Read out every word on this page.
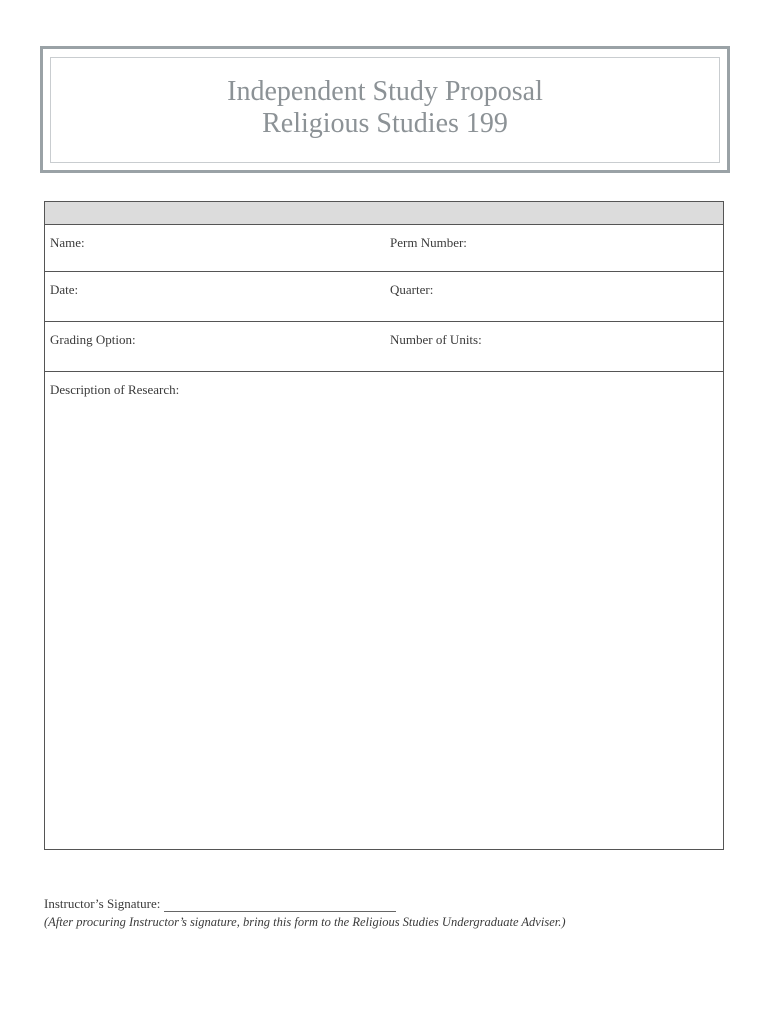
Independent Study Proposal
Religious Studies 199
Name:	Perm Number:
Date:	Quarter:
Grading Option:	Number of Units:
Description of Research:
Instructor’s Signature:
(After procuring Instructor’s signature, bring this form to the Religious Studies Undergraduate Adviser.)
